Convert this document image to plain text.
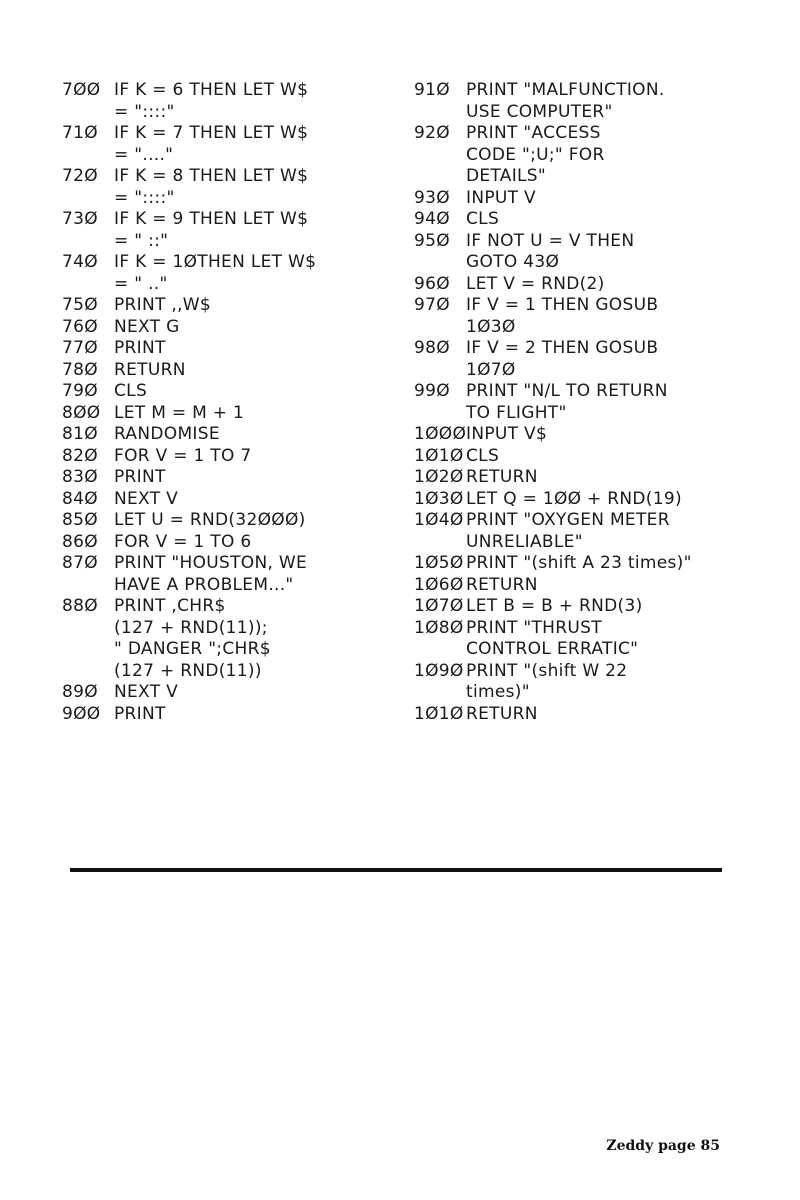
7ØØ IF K = 6 THEN LET W$
= "::::"
71Ø IF K = 7 THEN LET W$
= "...."
72Ø IF K = 8 THEN LET W$
= "::::"
73Ø IF K = 9 THEN LET W$
= " ::"
74Ø IF K = 1ØTHEN LET W$
= " .."
75Ø PRINT ,,W$
76Ø NEXT G
77Ø PRINT
78Ø RETURN
79Ø CLS
8ØØ LET M = M + 1
81Ø RANDOMISE
82Ø FOR V = 1 TO 7
83Ø PRINT
84Ø NEXT V
85Ø LET U = RND(32ØØØ)
86Ø FOR V = 1 TO 6
87Ø PRINT "HOUSTON, WE
HAVE A PROBLEM..."
88Ø PRINT ,CHR$
(127 + RND(11));
" DANGER ";CHR$
(127 + RND(11))
89Ø NEXT V
9ØØ PRINT
91Ø PRINT "MALFUNCTION.
USE COMPUTER"
92Ø PRINT "ACCESS
CODE ";U;" FOR
DETAILS"
93Ø INPUT V
94Ø CLS
95Ø IF NOT U = V THEN
GOTO 43Ø
96Ø LET V = RND(2)
97Ø IF V = 1 THEN GOSUB
1Ø3Ø
98Ø IF V = 2 THEN GOSUB
1Ø7Ø
99Ø PRINT "N/L TO RETURN
TO FLIGHT"
1ØØØ INPUT V$
1Ø1Ø CLS
1Ø2Ø RETURN
1Ø3Ø LET Q = 1ØØ + RND(19)
1Ø4Ø PRINT "OXYGEN METER
UNRELIABLE"
1Ø5Ø PRINT "(shift A 23 times)"
1Ø6Ø RETURN
1Ø7Ø LET B = B + RND(3)
1Ø8Ø PRINT "THRUST
CONTROL ERRATIC"
1Ø9Ø PRINT "(shift W 22
times)"
1Ø1Ø RETURN
Zeddy page 85
